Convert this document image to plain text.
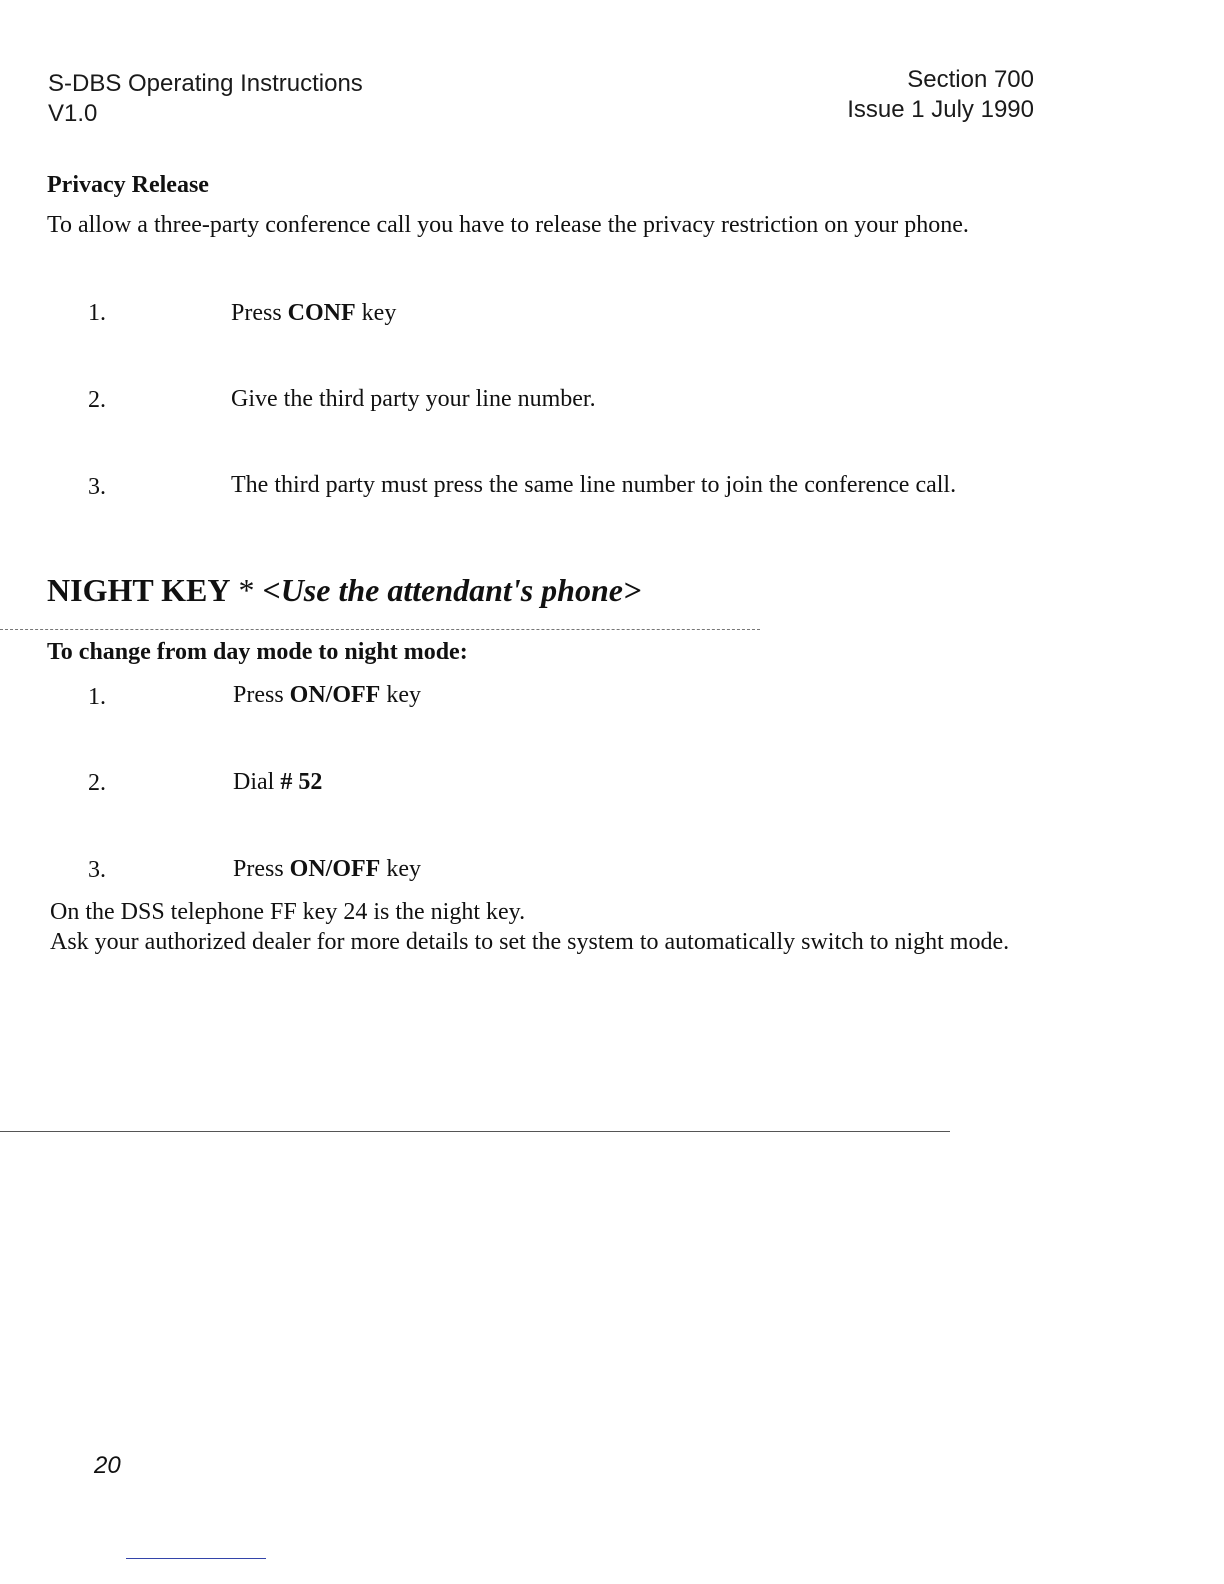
S-DBS Operating Instructions
V1.0
Section 700
Issue 1 July 1990
Privacy Release
To allow a three-party conference call you have to release the privacy restriction on your phone.
1.	Press CONF key
2.	Give the third party your line number.
3.	The third party must press the same line number to join the conference call.
NIGHT KEY * <Use the attendant's phone>
To change from day mode to night mode:
1.	Press ON/OFF key
2.	Dial # 52
3.	Press ON/OFF key
On the DSS telephone FF key 24 is the night key.
Ask your authorized dealer for more details to set the system to automatically switch to night mode.
20
